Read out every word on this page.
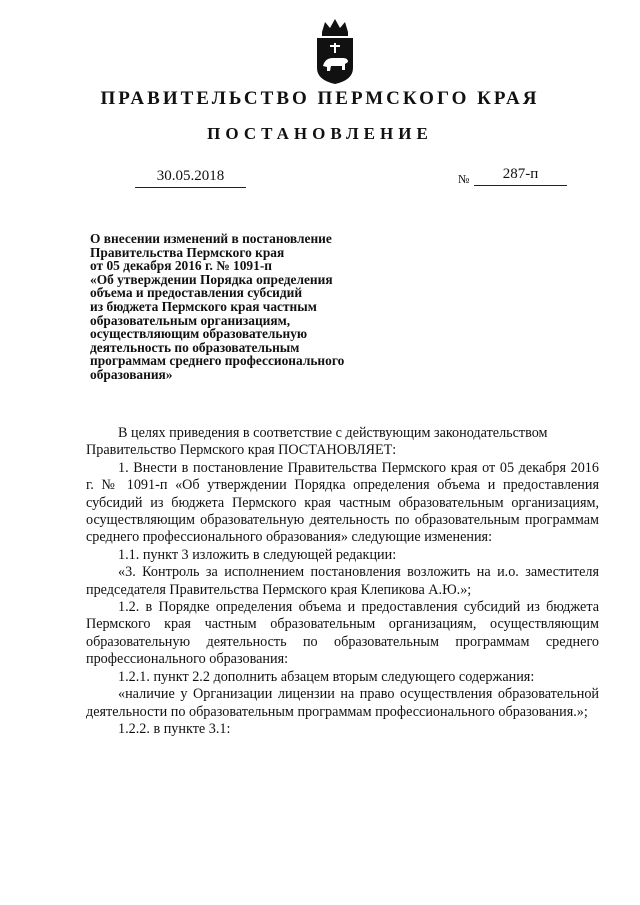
ПРАВИТЕЛЬСТВО ПЕРМСКОГО КРАЯ
ПОСТАНОВЛЕНИЕ
30.05.2018	№	287-п
О внесении изменений в постановление
Правительства Пермского края
от 05 декабря 2016 г. № 1091-п
«Об утверждении Порядка определения
объема и предоставления субсидий
из бюджета Пермского края частным
образовательным организациям,
осуществляющим образовательную
деятельность по образовательным
программам среднего профессионального
образования»

В целях приведения в соответствие с действующим законодательством

Правительство Пермского края ПОСТАНОВЛЯЕТ:

1. Внести в постановление Правительства Пермского края от 05 декабря 2016 г. № 1091-п «Об утверждении Порядка определения объема и предоставления субсидий из бюджета Пермского края частным образовательным организациям, осуществляющим образовательную деятельность по образовательным программам среднего профессионального образования» следующие изменения:

1.1. пункт 3 изложить в следующей редакции:

«3. Контроль за исполнением постановления возложить на и.о. заместителя председателя Правительства Пермского края Клепикова А.Ю.»;

1.2. в Порядке определения объема и предоставления субсидий из бюджета Пермского края частным образовательным организациям, осуществляющим образовательную деятельность по образовательным программам среднего профессионального образования:

1.2.1. пункт 2.2 дополнить абзацем вторым следующего содержания:

«наличие у Организации лицензии на право осуществления образовательной деятельности по образовательным программам профессионального образования.»;

1.2.2. в пункте 3.1:
